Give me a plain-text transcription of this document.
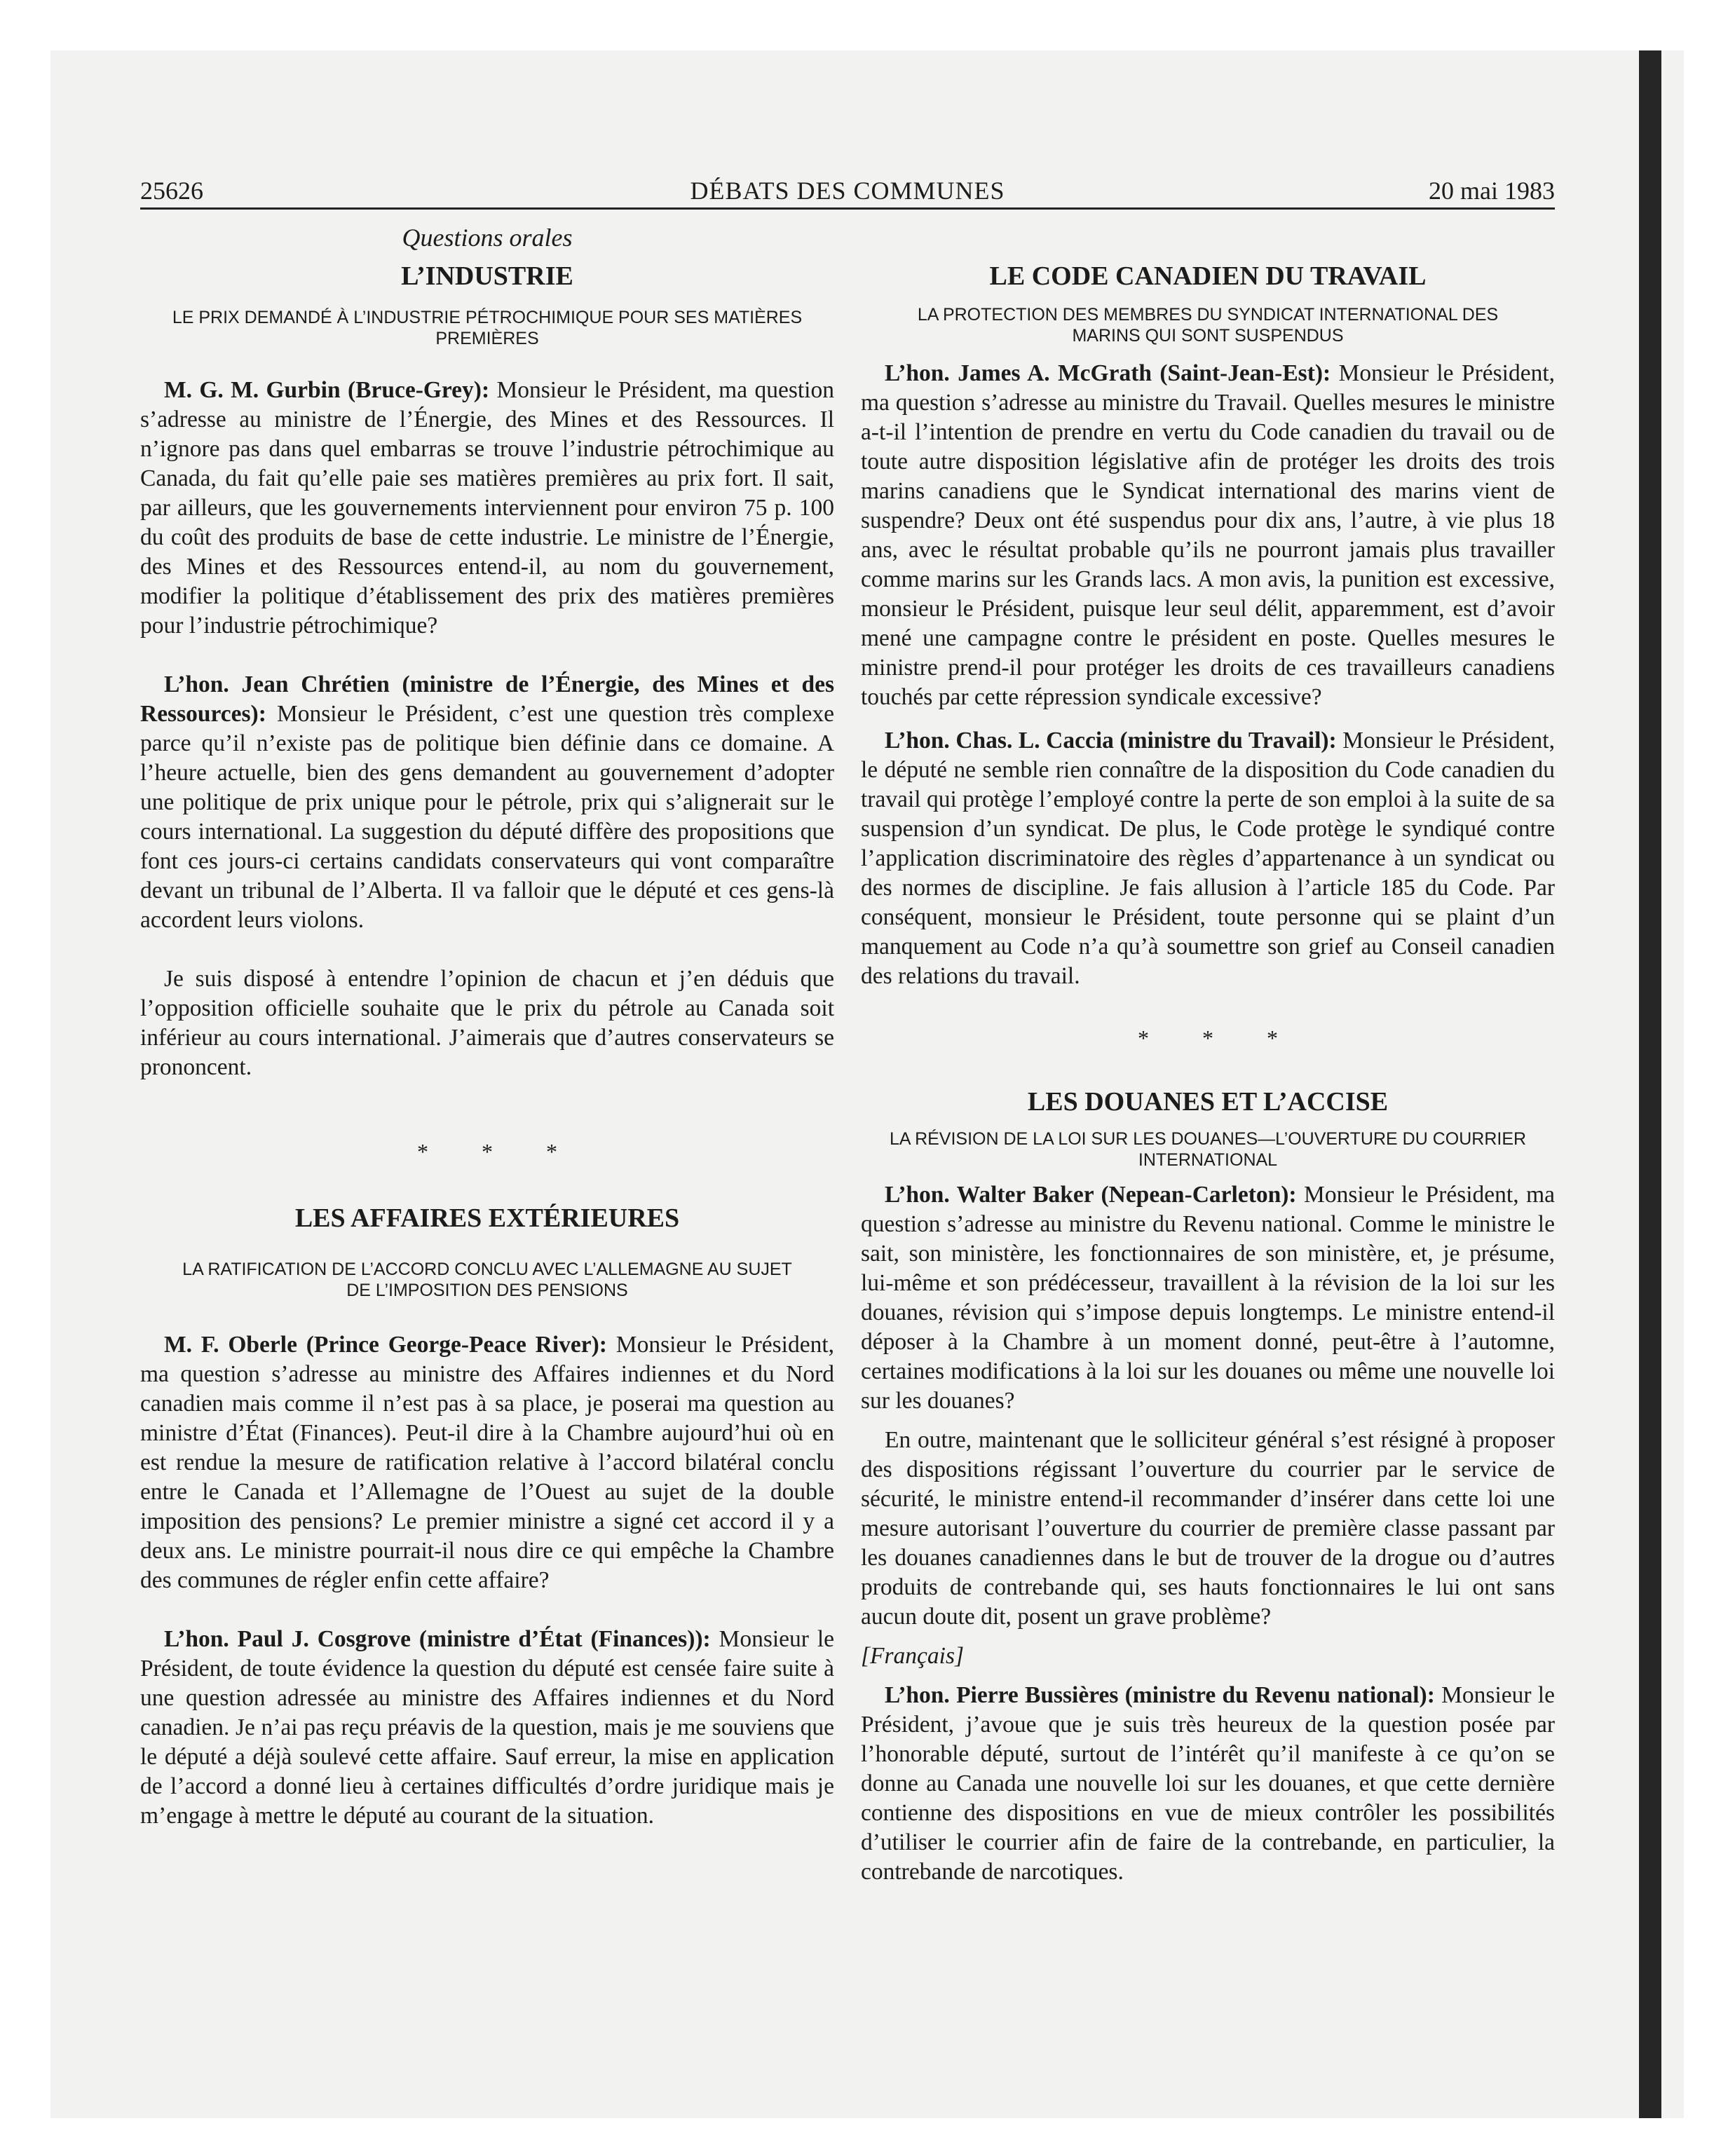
25626	DÉBATS DES COMMUNES	20 mai 1983
Questions orales
L’INDUSTRIE
LE PRIX DEMANDÉ À L’INDUSTRIE PÉTROCHIMIQUE POUR SES MATIÈRES PREMIÈRES

M. G. M. Gurbin (Bruce-Grey): Monsieur le Président, ma question s’adresse au ministre de l’Énergie, des Mines et des Ressources. Il n’ignore pas dans quel embarras se trouve l’industrie pétrochimique au Canada, du fait qu’elle paie ses matières premières au prix fort. Il sait, par ailleurs, que les gouvernements interviennent pour environ 75 p. 100 du coût des produits de base de cette industrie. Le ministre de l’Énergie, des Mines et des Ressources entend-il, au nom du gouvernement, modifier la politique d’établissement des prix des matières premières pour l’industrie pétrochimique?

L’hon. Jean Chrétien (ministre de l’Énergie, des Mines et des Ressources): Monsieur le Président, c’est une question très complexe parce qu’il n’existe pas de politique bien définie dans ce domaine. A l’heure actuelle, bien des gens demandent au gouvernement d’adopter une politique de prix unique pour le pétrole, prix qui s’alignerait sur le cours international. La suggestion du député diffère des propositions que font ces jours-ci certains candidats conservateurs qui vont comparaître devant un tribunal de l’Alberta. Il va falloir que le député et ces gens-là accordent leurs violons.

Je suis disposé à entendre l’opinion de chacun et j’en déduis que l’opposition officielle souhaite que le prix du pétrole au Canada soit inférieur au cours international. J’aimerais que d’autres conservateurs se prononcent.

* * *
LES AFFAIRES EXTÉRIEURES
LA RATIFICATION DE L’ACCORD CONCLU AVEC L’ALLEMAGNE AU SUJET DE L’IMPOSITION DES PENSIONS

M. F. Oberle (Prince George-Peace River): Monsieur le Président, ma question s’adresse au ministre des Affaires indiennes et du Nord canadien mais comme il n’est pas à sa place, je poserai ma question au ministre d’État (Finances). Peut-il dire à la Chambre aujourd’hui où en est rendue la mesure de ratification relative à l’accord bilatéral conclu entre le Canada et l’Allemagne de l’Ouest au sujet de la double imposition des pensions? Le premier ministre a signé cet accord il y a deux ans. Le ministre pourrait-il nous dire ce qui empêche la Chambre des communes de régler enfin cette affaire?

L’hon. Paul J. Cosgrove (ministre d’État (Finances)): Monsieur le Président, de toute évidence la question du député est censée faire suite à une question adressée au ministre des Affaires indiennes et du Nord canadien. Je n’ai pas reçu préavis de la question, mais je me souviens que le député a déjà soulevé cette affaire. Sauf erreur, la mise en application de l’accord a donné lieu à certaines difficultés d’ordre juridique mais je m’engage à mettre le député au courant de la situation.

LE CODE CANADIEN DU TRAVAIL
LA PROTECTION DES MEMBRES DU SYNDICAT INTERNATIONAL DES MARINS QUI SONT SUSPENDUS

L’hon. James A. McGrath (Saint-Jean-Est): Monsieur le Président, ma question s’adresse au ministre du Travail. Quelles mesures le ministre a-t-il l’intention de prendre en vertu du Code canadien du travail ou de toute autre disposition législative afin de protéger les droits des trois marins canadiens que le Syndicat international des marins vient de suspendre? Deux ont été suspendus pour dix ans, l’autre, à vie plus 18 ans, avec le résultat probable qu’ils ne pourront jamais plus travailler comme marins sur les Grands lacs. A mon avis, la punition est excessive, monsieur le Président, puisque leur seul délit, apparemment, est d’avoir mené une campagne contre le président en poste. Quelles mesures le ministre prend-il pour protéger les droits de ces travailleurs canadiens touchés par cette répression syndicale excessive?

L’hon. Chas. L. Caccia (ministre du Travail): Monsieur le Président, le député ne semble rien connaître de la disposition du Code canadien du travail qui protège l’employé contre la perte de son emploi à la suite de sa suspension d’un syndicat. De plus, le Code protège le syndiqué contre l’application discriminatoire des règles d’appartenance à un syndicat ou des normes de discipline. Je fais allusion à l’article 185 du Code. Par conséquent, monsieur le Président, toute personne qui se plaint d’un manquement au Code n’a qu’à soumettre son grief au Conseil canadien des relations du travail.

* * *
LES DOUANES ET L’ACCISE
LA RÉVISION DE LA LOI SUR LES DOUANES—L’OUVERTURE DU COURRIER INTERNATIONAL

L’hon. Walter Baker (Nepean-Carleton): Monsieur le Président, ma question s’adresse au ministre du Revenu national. Comme le ministre le sait, son ministère, les fonctionnaires de son ministère, et, je présume, lui-même et son prédécesseur, travaillent à la révision de la loi sur les douanes, révision qui s’impose depuis longtemps. Le ministre entend-il déposer à la Chambre à un moment donné, peut-être à l’automne, certaines modifications à la loi sur les douanes ou même une nouvelle loi sur les douanes?

En outre, maintenant que le solliciteur général s’est résigné à proposer des dispositions régissant l’ouverture du courrier par le service de sécurité, le ministre entend-il recommander d’insérer dans cette loi une mesure autorisant l’ouverture du courrier de première classe passant par les douanes canadiennes dans le but de trouver de la drogue ou d’autres produits de contrebande qui, ses hauts fonctionnaires le lui ont sans aucun doute dit, posent un grave problème?

[Français]

L’hon. Pierre Bussières (ministre du Revenu national): Monsieur le Président, j’avoue que je suis très heureux de la question posée par l’honorable député, surtout de l’intérêt qu’il manifeste à ce qu’on se donne au Canada une nouvelle loi sur les douanes, et que cette dernière contienne des dispositions en vue de mieux contrôler les possibilités d’utiliser le courrier afin de faire de la contrebande, en particulier, la contrebande de narcotiques.
